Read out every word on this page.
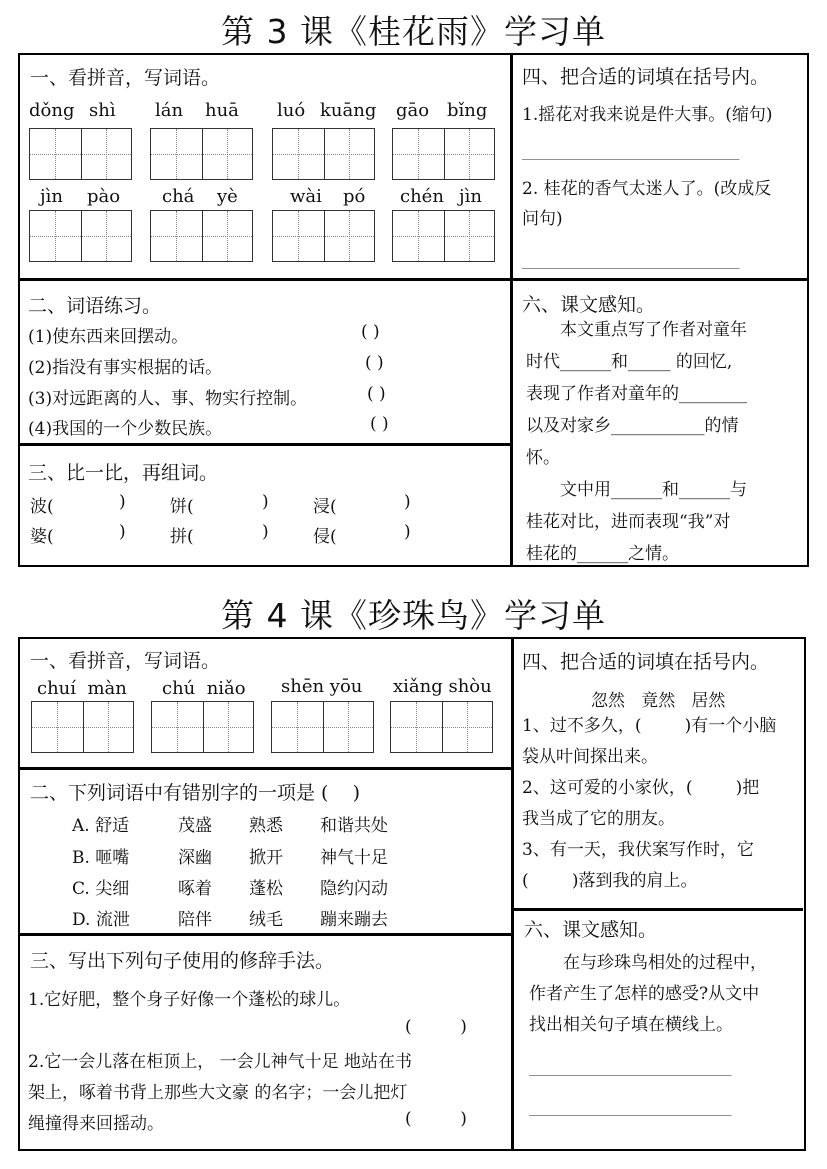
第 3 课《桂花雨》学习单
一、看拼音，写词语。
dǒng shì lán huā luó kuāng gāo bǐng
jìn pào chá yè	wài pó chén jìn
二、词语练习。
(1)使东西来回摆动。	( )
(2)指没有事实根据的话。	( )
(3)对远距离的人、事、物实行控制。	( )
(4)我国的一个少数民族。	( )
三、比一比，再组词。
波(	)	饼(	)	浸(	)
婆(	)	拼(	)	侵(	)
四、把合适的词填在括号内。
1.摇花对我来说是件大事。(缩句)
_____________________________
2. 桂花的香气太迷人了。(改成反
问句)
_____________________________
六、课文感知。
　　本文重点写了作者对童年
时代______和_____ 的回忆,
表现了作者对童年的________
以及对家乡___________的情
怀。
　　文中用______和______与
桂花对比，进而表现“我”对
桂花的______之情。
第 4 课《珍珠鸟》学习单
一、看拼音，写词语。
chuí  màn chú  niǎo shēn yōu xiǎng shòu
二、下列词语中有错别字的一项是 (    )
A. 舒适	茂盛 熟悉 和谐共处
B. 咂嘴	深幽 掀开 神气十足
C. 尖细	啄着 蓬松 隐约闪动
D. 流泄	陪伴 绒毛 蹦来蹦去
三、写出下列句子使用的修辞手法。
1.它好肥，整个身子好像一个蓬松的球儿。
(         )
2.它一会儿落在柜顶上， 一会儿神气十足 地站在书
架上，啄着书背上那些大文豪 的名字；一会儿把灯
绳撞得来回摇动。	(         )
四、把合适的词填在括号内。
忽然   竟然   居然
1、过不多久，(        )有一个小脑
袋从叶间探出来。
2、这可爱的小家伙，(        )把
我当成了它的朋友。
3、有一天，我伏案写作时，它
(        )落到我的肩上。
六、课文感知。
　　在与珍珠鸟相处的过程中，
作者产生了怎样的感受?从文中
找出相关句子填在横线上。
___________________________
___________________________
